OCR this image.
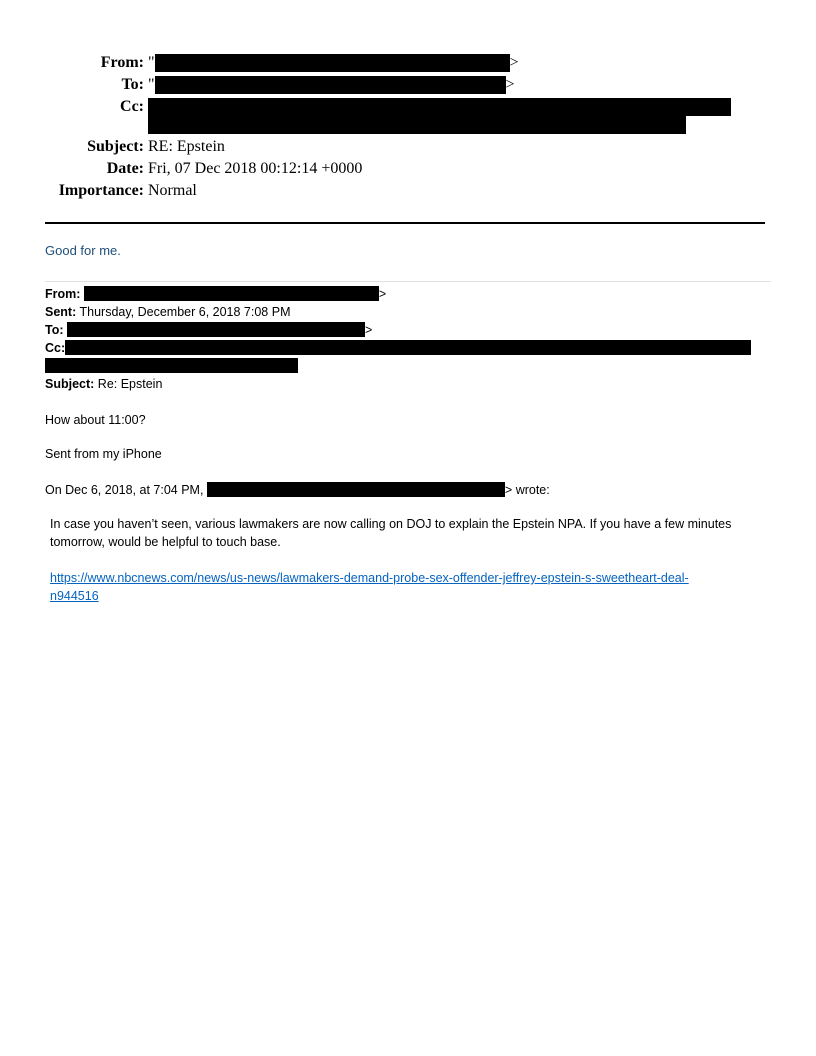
From: "	>
To: "	>
Cc:
Subject: RE: Epstein
Date: Fri, 07 Dec 2018 00:12:14 +0000
Importance: Normal
Good for me.
From:	>
Sent: Thursday, December 6, 2018 7:08 PM
To:	>
Cc:
Subject: Re: Epstein
How about 11:00?
Sent from my iPhone
On Dec 6, 2018, at 7:04 PM,	> wrote:
In case you haven’t seen, various lawmakers are now calling on DOJ to explain the Epstein NPA. If you have a few minutes tomorrow, would be helpful to touch base.
https://www.nbcnews.com/news/us-news/lawmakers-demand-probe-sex-offender-jeffrey-epstein-s-sweetheart-deal-
n944516
